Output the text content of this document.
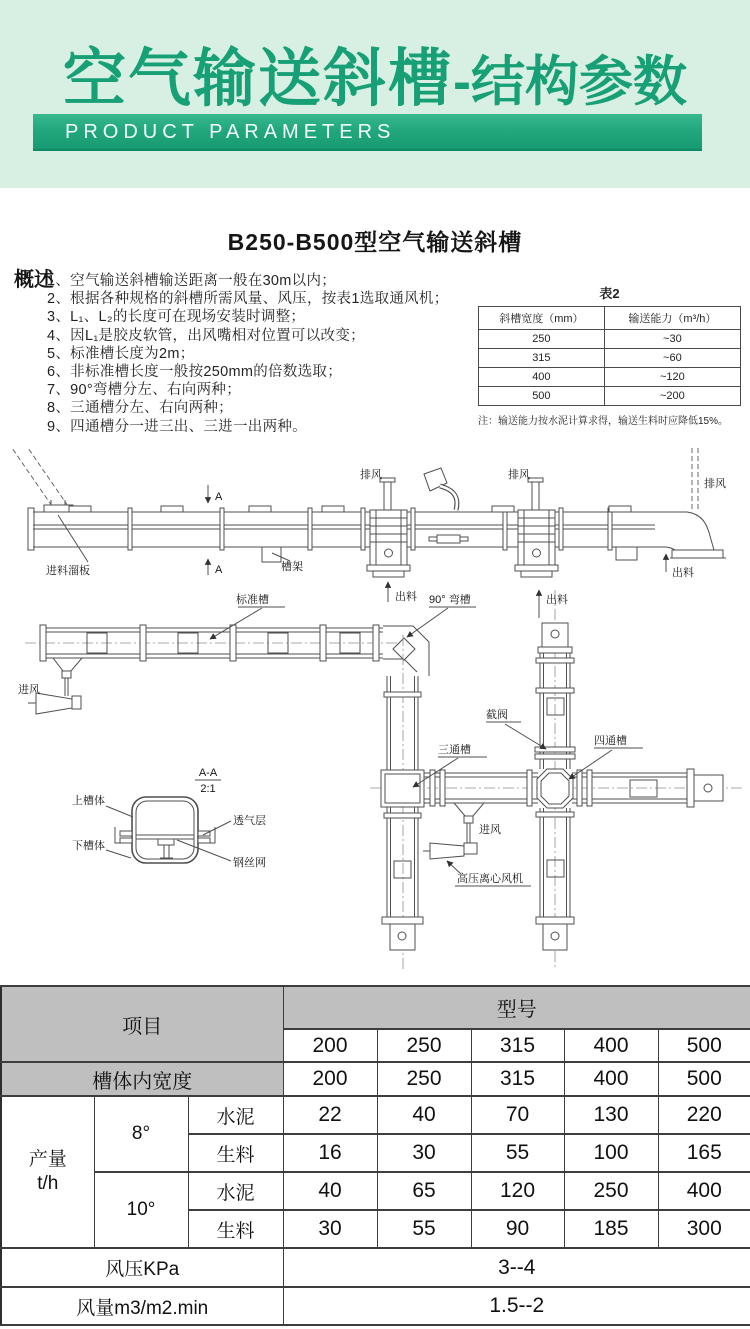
空气输送斜槽-结构参数
PRODUCT PARAMETERS
B250-B500型空气输送斜槽
概述
1、空气输送斜槽输送距离一般在30m以内；
2、根据各种规格的斜槽所需风量、风压，按表1选取通风机；
3、L₁、L₂的长度可在现场安装时调整；
4、因L₁是胶皮软管，出风嘴相对位置可以改变；
5、标准槽长度为2m；
6、非标准槽长度一般按250mm的倍数选取；
7、90°弯槽分左、右向两种；
8、三通槽分左、右向两种；
9、四通槽分一进三出、三进一出两种。
表2
斜槽宽度（mm）	输送能力（m³/h）
250	~30
315	~60
400	~120
500	~200
注：输送能力按水泥计算求得，输送生料时应降低15%。
A
A
排风	排风
排风
出料
出料
进料溜板	槽架
进风
标准槽	90° 弯槽	出料
进风
截阀
三通槽
四通槽
高压离心风机
A-A
2:1
上槽体
下槽体
透气层
钢丝网
项目			型号				
			200	250	315	400	500
槽体内宽度			200	250	315	400	500

产量
t/h	8°	水泥	22	40	70	130	220
		生料	16	30	55	100	165
	10°	水泥	40	65	120	250	400
		生料	30	55	90	185	300
风压KPa			3--4				
风量m3/m2.min			1.5--2				
